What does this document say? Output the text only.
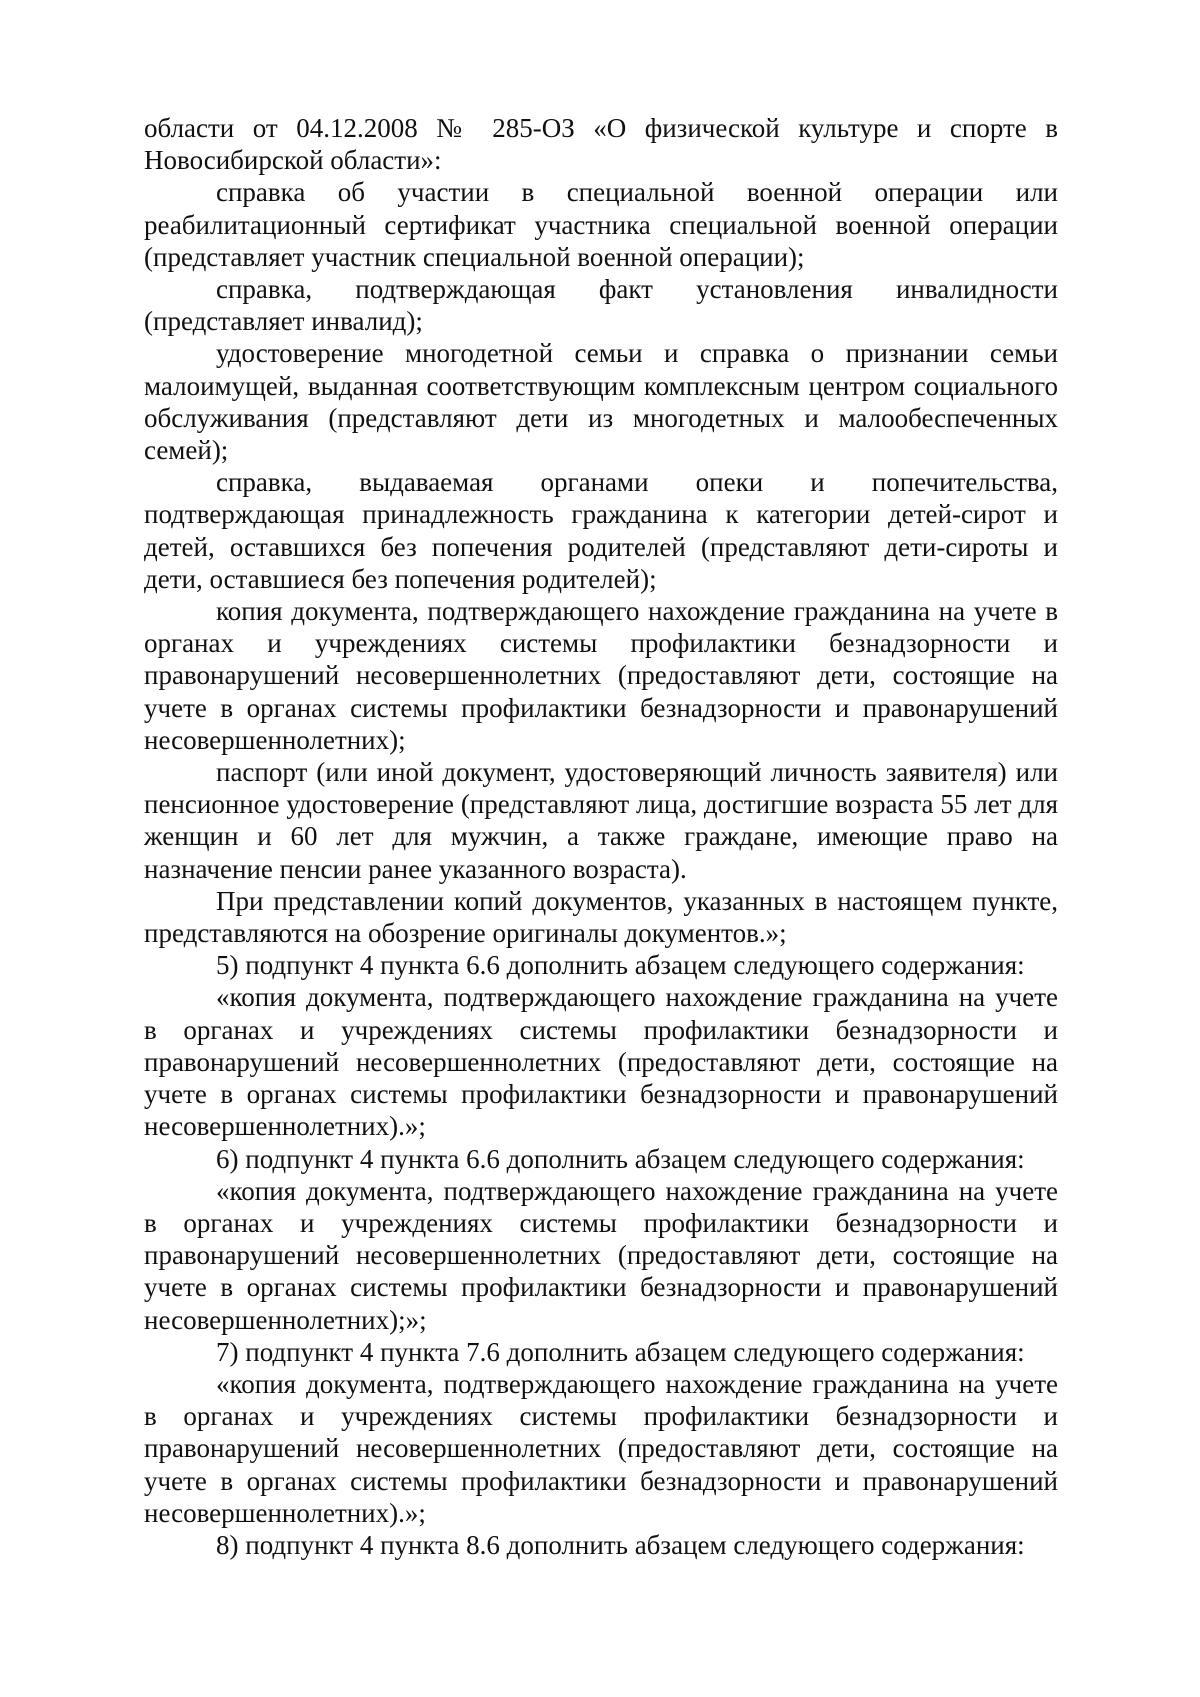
области от 04.12.2008 № 285-ОЗ «О физической культуре и спорте в Новосибирской области»:

справка об участии в специальной военной операции или реабилитационный сертификат участника специальной военной операции (представляет участник специальной военной операции);

справка, подтверждающая факт установления инвалидности (представляет инвалид);

удостоверение многодетной семьи и справка о признании семьи малоимущей, выданная соответствующим комплексным центром социального обслуживания (представляют дети из многодетных и малообеспеченных семей);

справка, выдаваемая органами опеки и попечительства, подтверждающая принадлежность гражданина к категории детей-сирот и детей, оставшихся без попечения родителей (представляют дети-сироты и дети, оставшиеся без попечения родителей);

копия документа, подтверждающего нахождение гражданина на учете в органах и учреждениях системы профилактики безнадзорности и правонарушений несовершеннолетних (предоставляют дети, состоящие на учете в органах системы профилактики безнадзорности и правонарушений несовершеннолетних);

паспорт (или иной документ, удостоверяющий личность заявителя) или пенсионное удостоверение (представляют лица, достигшие возраста 55 лет для женщин и 60 лет для мужчин, а также граждане, имеющие право на назначение пенсии ранее указанного возраста).

При представлении копий документов, указанных в настоящем пункте, представляются на обозрение оригиналы документов.»;

5) подпункт 4 пункта 6.6 дополнить абзацем следующего содержания:

«копия документа, подтверждающего нахождение гражданина на учете в органах и учреждениях системы профилактики безнадзорности и правонарушений несовершеннолетних (предоставляют дети, состоящие на учете в органах системы профилактики безнадзорности и правонарушений несовершеннолетних).»;

6) подпункт 4 пункта 6.6 дополнить абзацем следующего содержания:

«копия документа, подтверждающего нахождение гражданина на учете в органах и учреждениях системы профилактики безнадзорности и правонарушений несовершеннолетних (предоставляют дети, состоящие на учете в органах системы профилактики безнадзорности и правонарушений несовершеннолетних);»;

7) подпункт 4 пункта 7.6 дополнить абзацем следующего содержания:

«копия документа, подтверждающего нахождение гражданина на учете в органах и учреждениях системы профилактики безнадзорности и правонарушений несовершеннолетних (предоставляют дети, состоящие на учете в органах системы профилактики безнадзорности и правонарушений несовершеннолетних).»;

8) подпункт 4 пункта 8.6 дополнить абзацем следующего содержания:
